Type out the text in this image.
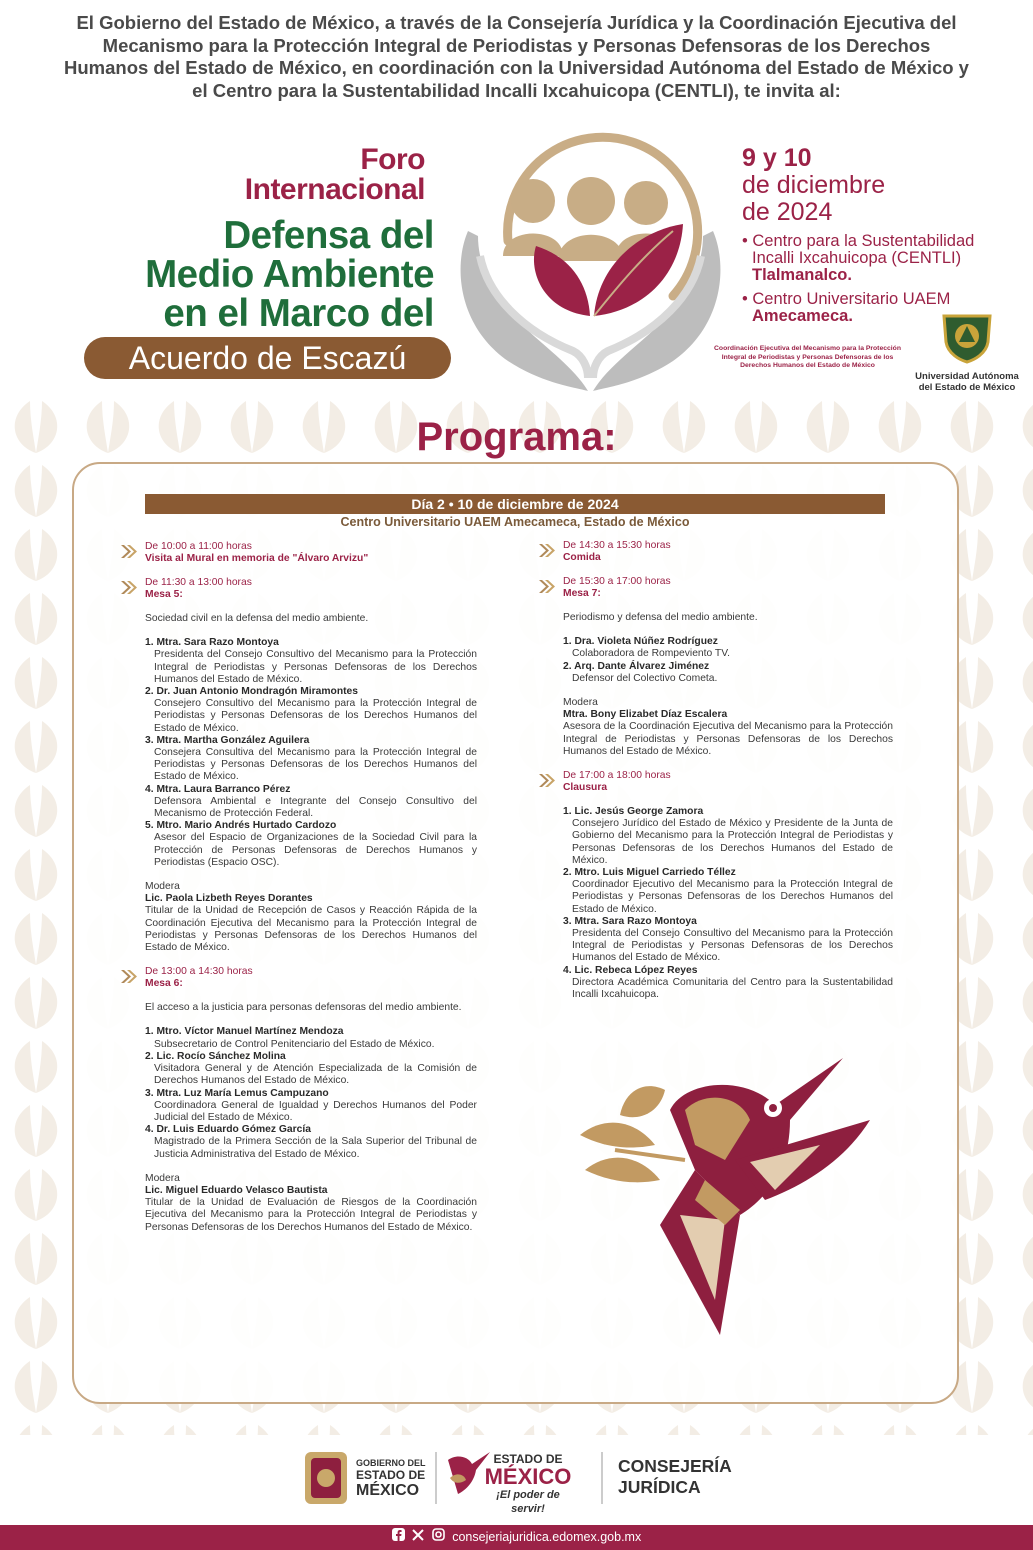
El Gobierno del Estado de México, a través de la Consejería Jurídica y la Coordinación Ejecutiva del Mecanismo para la Protección Integral de Periodistas y Personas Defensoras de los Derechos Humanos del Estado de México, en coordinación con la Universidad Autónoma del Estado de México y el Centro para la Sustentabilidad Incalli Ixcahuicopa (CENTLI), te invita al:
Foro
Internacional
Defensa del
Medio Ambiente
en el Marco del
Acuerdo de Escazú
9 y 10
de diciembre
de 2024
• Centro para la Sustentabilidad
Incalli Ixcahuicopa (CENTLI)
Tlalmanalco.
• Centro Universitario UAEM
Amecameca.
Coordinación Ejecutiva del Mecanismo para la Protección Integral de Periodistas y Personas Defensoras de los Derechos Humanos del Estado de México
Universidad Autónoma
del Estado de México
Programa:
Día 2 • 10 de diciembre de 2024
Centro Universitario UAEM Amecameca, Estado de México
De 10:00 a 11:00 horas
Visita al Mural en memoria de "Álvaro Arvizu"
De 11:30 a 13:00 horas
Mesa 5:
Sociedad civil en la defensa del medio ambiente.
1. Mtra. Sara Razo Montoya
Presidenta del Consejo Consultivo del Mecanismo para la Protección Integral de Periodistas y Personas Defensoras de los Derechos Humanos del Estado de México.
2. Dr. Juan Antonio Mondragón Miramontes
Consejero Consultivo del Mecanismo para la Protección Integral de Periodistas y Personas Defensoras de los Derechos Humanos del Estado de México.
3. Mtra. Martha González Aguilera
Consejera Consultiva del Mecanismo para la Protección Integral de Periodistas y Personas Defensoras de los Derechos Humanos del Estado de México.
4. Mtra. Laura Barranco Pérez
Defensora Ambiental e Integrante del Consejo Consultivo del Mecanismo de Protección Federal.
5. Mtro. Mario Andrés Hurtado Cardozo
Asesor del Espacio de Organizaciones de la Sociedad Civil para la Protección de Personas Defensoras de Derechos Humanos y Periodistas (Espacio OSC).
Modera
Lic. Paola Lizbeth Reyes Dorantes
Titular de la Unidad de Recepción de Casos y Reacción Rápida de la Coordinación Ejecutiva del Mecanismo para la Protección Integral de Periodistas y Personas Defensoras de los Derechos Humanos del Estado de México.
De 13:00 a 14:30 horas
Mesa 6:
El acceso a la justicia para personas defensoras del medio ambiente.
1. Mtro. Víctor Manuel Martínez Mendoza
Subsecretario de Control Penitenciario del Estado de México.
2. Lic. Rocío Sánchez Molina
Visitadora General y de Atención Especializada de la Comisión de Derechos Humanos del Estado de México.
3. Mtra. Luz María Lemus Campuzano
Coordinadora General de Igualdad y Derechos Humanos del Poder Judicial del Estado de México.
4. Dr. Luis Eduardo Gómez García
Magistrado de la Primera Sección de la Sala Superior del Tribunal de Justicia Administrativa del Estado de México.
Modera
Lic. Miguel Eduardo Velasco Bautista
Titular de la Unidad de Evaluación de Riesgos de la Coordinación Ejecutiva del Mecanismo para la Protección Integral de Periodistas y Personas Defensoras de los Derechos Humanos del Estado de México.
De 14:30 a 15:30 horas
Comida
De 15:30 a 17:00 horas
Mesa 7:
Periodismo y defensa del medio ambiente.
1. Dra. Violeta Núñez Rodríguez
Colaboradora de Rompeviento TV.
2. Arq. Dante Álvarez Jiménez
Defensor del Colectivo Cometa.
Modera
Mtra. Bony Elizabet Díaz Escalera
Asesora de la Coordinación Ejecutiva del Mecanismo para la Protección Integral de Periodistas y Personas Defensoras de los Derechos Humanos del Estado de México.
De 17:00 a 18:00 horas
Clausura
1. Lic. Jesús George Zamora
Consejero Jurídico del Estado de México y Presidente de la Junta de Gobierno del Mecanismo para la Protección Integral de Periodistas y Personas Defensoras de los Derechos Humanos del Estado de México.
2. Mtro. Luis Miguel Carriedo Téllez
Coordinador Ejecutivo del Mecanismo para la Protección Integral de Periodistas y Personas Defensoras de los Derechos Humanos del Estado de México.
3. Mtra. Sara Razo Montoya
Presidenta del Consejo Consultivo del Mecanismo para la Protección Integral de Periodistas y Personas Defensoras de los Derechos Humanos del Estado de México.
4. Lic. Rebeca López Reyes
Directora Académica Comunitaria del Centro para la Sustentabilidad Incalli Ixcahuicopa.
GOBIERNO DEL
ESTADO DE
MÉXICO
ESTADO DE
MÉXICO
¡El poder de servir!
CONSEJERÍA
JURÍDICA
consejeriajuridica.edomex.gob.mx
